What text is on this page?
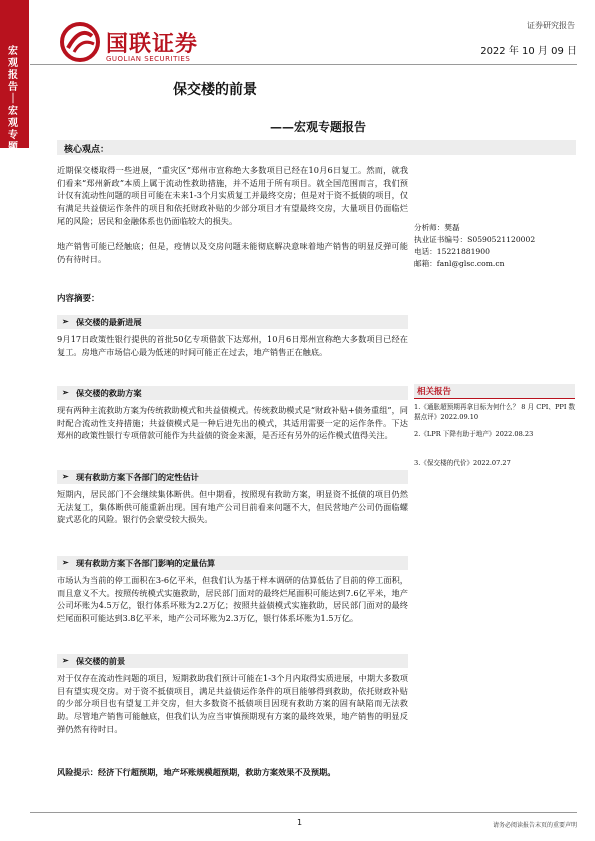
宏观报告｜宏观专题
国联证券
GUOLIAN SECURITIES
证券研究报告
2022 年 10 月 09 日
保交楼的前景
——宏观专题报告
核心观点：
近期保交楼取得一些进展，“重灾区”郑州市宣称绝大多数项目已经在10月6日复工。然而，就我们看来“郑州新政”本质上属于流动性救助措施，并不适用于所有项目。就全国范围而言，我们预计仅有流动性问题的项目可能在未来1-3个月实质复工并最终交房；但是对于资不抵债的项目，仅有满足共益债运作条件的项目和依托财政补贴的少部分项目才有望最终交房，大量项目仍面临烂尾的风险；居民和金融体系也仍面临较大的损失。
地产销售可能已经触底；但是，疫情以及交房问题未能彻底解决意味着地产销售的明显反弹可能仍有待时日。
分析师：樊磊
执业证书编号：S0590521120002
电话：15221881900
邮箱：fanl@glsc.com.cn
内容摘要：
➢ 保交楼的最新进展
9月17日政策性银行提供的首批50亿专项借款下达郑州，10月6日郑州宣称绝大多数项目已经在复工。房地产市场信心最为低迷的时间可能正在过去，地产销售正在触底。
➢ 保交楼的救助方案
现有两种主流救助方案为传统救助模式和共益债模式。传统救助模式是“财政补贴+债务重组”，同时配合流动性支持措施；共益债模式是一种后进先出的模式，其适用需要一定的运作条件。下达郑州的政策性银行专项借款可能作为共益债的资金来源，是否还有另外的运作模式值得关注。
➢ 现有救助方案下各部门的定性估计
短期内，居民部门不会继续集体断供。但中期看，按照现有救助方案，明显资不抵债的项目仍然无法复工，集体断供可能重新出现。国有地产公司目前看来问题不大，但民营地产公司仍面临螺旋式恶化的风险。银行仍会蒙受较大损失。
➢ 现有救助方案下各部门影响的定量估算
市场认为当前的停工面积在3-6亿平米，但我们认为基于样本调研的估算低估了目前的停工面积，而且意义不大。按照传统模式实施救助，居民部门面对的最终烂尾面积可能达到7.6亿平米，地产公司坏账为4.5万亿，银行体系坏账为2.2万亿；按照共益债模式实施救助，居民部门面对的最终烂尾面积可能达到3.8亿平米，地产公司坏账为2.3万亿，银行体系坏账为1.5万亿。
➢ 保交楼的前景
对于仅存在流动性问题的项目，短期救助我们预计可能在1-3个月内取得实质进展，中期大多数项目有望实现交房。对于资不抵债项目，满足共益债运作条件的项目能够得到救助，依托财政补贴的少部分项目也有望复工并交房，但大多数资不抵债项目因现有救助方案的固有缺陷而无法救助。尽管地产销售可能触底，但我们认为应当审慎预期现有方案的最终效果，地产销售的明显反弹仍然有待时日。
风险提示：经济下行超预期，地产坏账规模超预期，救助方案效果不及预期。
相关报告
1.《通胀超预期再拿目标为何什么？ 8 月 CPI、PPI 数据点评》2022.09.10
2.《LPR 下降有助于地产》2022.08.23
3.《保交楼的代价》2022.07.27
1	请务必阅读报告末页的重要声明
